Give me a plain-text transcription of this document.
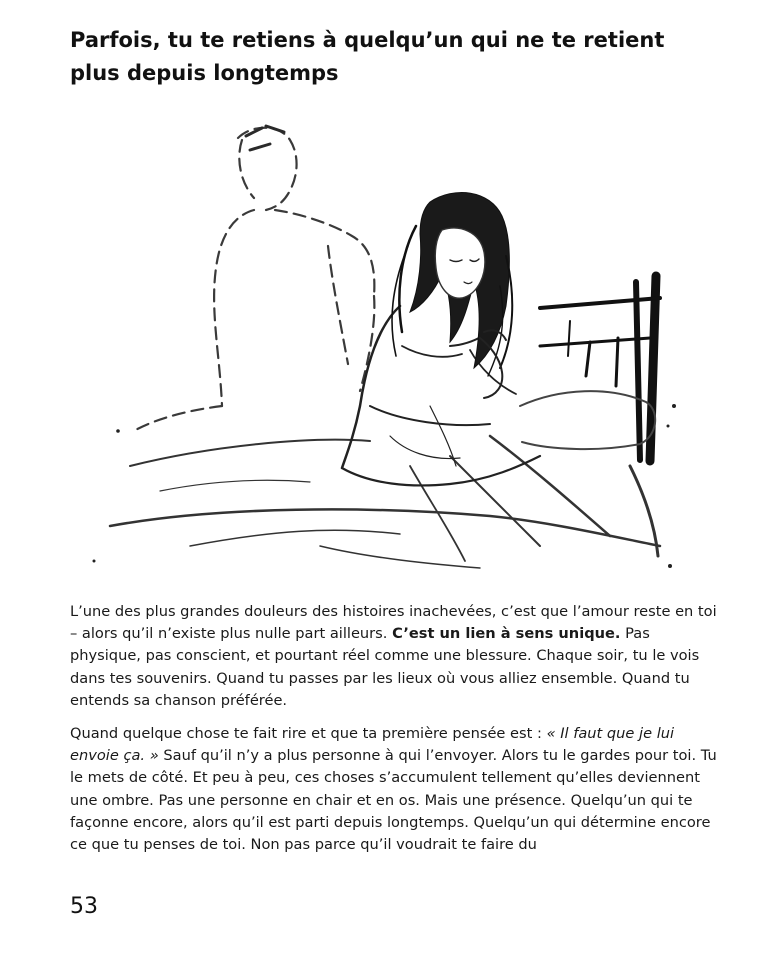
Parfois, tu te retiens à quelqu’un qui ne te retient plus depuis longtemps

L’une des plus grandes douleurs des histoires inachevées, c’est que l’amour reste en toi – alors qu’il n’existe plus nulle part ailleurs. C’est un lien à sens unique. Pas physique, pas conscient, et pourtant réel comme une blessure. Chaque soir, tu le vois dans tes souvenirs. Quand tu passes par les lieux où vous alliez ensemble. Quand tu entends sa chanson préférée.

Quand quelque chose te fait rire et que ta première pensée est : « Il faut que je lui envoie ça. » Sauf qu’il n’y a plus personne à qui l’envoyer. Alors tu le gardes pour toi. Tu le mets de côté. Et peu à peu, ces choses s’accumulent tellement qu’elles deviennent une ombre. Pas une personne en chair et en os. Mais une présence. Quelqu’un qui te façonne encore, alors qu’il est parti depuis longtemps. Quelqu’un qui détermine encore ce que tu penses de toi. Non pas parce qu’il voudrait te faire du

53
